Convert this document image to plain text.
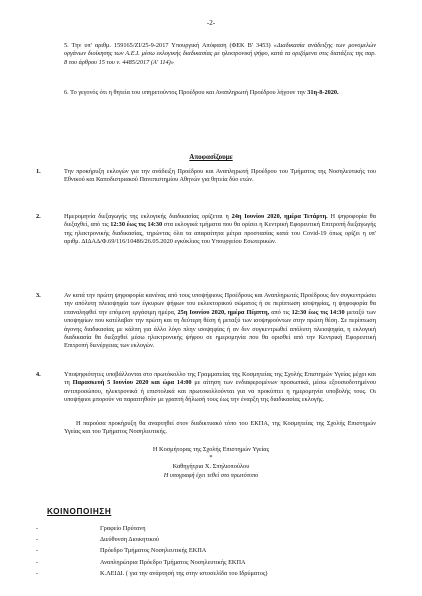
-2-
5. Την υπ' αριθμ. 159165/ΖΙ/25-9-2017 Υπουργική Απόφαση (ΦΕΚ Β' 3453) «Διαδικασία ανάδειξης των μονομελών οργάνων διοίκησης των Α.Ε.Ι. μέσω εκλογικής διαδικασίας με ηλεκτρονική ψήφο, κατά τα οριζόμενα στις διατάξεις της παρ. 8 του άρθρου 15 του ν. 4485/2017 (Α' 114)»
6. Το γεγονός ότι η θητεία του υπηρετούντος Προέδρου και Αναπληρωτή Προέδρου λήγουν την 31η-8-2020.
Αποφασίζουμε
1.	Την προκήρυξη εκλογών για την ανάδειξη Προέδρου και Αναπληρωτή Προέδρου του Τμήματος της Νοσηλευτικής του Εθνικού και Καποδιστριακού Πανεπιστημίου Αθηνών για θητεία δύο ετών.
2.	Ημερομηνία διεξαγωγής της εκλογικής διαδικασίας ορίζεται η 24η Ιουνίου 2020, ημέρα Τετάρτη. Η ψηφοφορία θα διεξαχθεί, από τις 12:30 έως τις 14:30 στα εκλογικά τμήματα που θα ορίσει η Κεντρική Εφορευτική Επιτροπή διεξαγωγής της ηλεκτρονικής διαδικασίας, τηρώντας όλα τα απαραίτητα μέτρα προστασίας κατά του Covid-19 όπως ορίζει η υπ' αριθμ. ΔΙΔΑΔ/Φ.69/116/10486/26.05.2020 εγκύκλιος του Υπουργείου Εσωτερικών.
3.	Αν κατά την πρώτη ψηφοφορία κανένας από τους υποψήφιους Προέδρους και Αναπληρωτές Προέδρους δεν συγκεντρώσει την απόλυτη πλειοψηφία των έγκυρων ψήφων του εκλεκτορικού σώματος ή σε περίπτωση ισοψηφίας, η ψηφοφορία θα επαναληφθεί την επόμενη εργάσιμη ημέρα, 25η Ιουνίου 2020, ημέρα Πέμπτη, από τις 12:30 έως τις 14:30 μεταξύ των υποψηφίων που κατέλαβαν την πρώτη και τη δεύτερη θέση ή μεταξύ των ισοψηφούντων στην πρώτη θέση. Σε περίπτωση άγονης διαδικασίας με κάλπη για άλλο λόγο πλην ισοψηφίας ή αν δεν συγκεντρωθεί απόλυτη πλειοψηφία, η εκλογική διαδικασία θα διεξαχθεί μέσω ηλεκτρονικής ψήφου σε ημερομηνία που θα ορισθεί από την Κεντρική Εφορευτική Επιτροπή διενέργειας των εκλογών.
4.	Υποψηφιότητες υποβάλλονται στο πρωτόκολλο της Γραμματείας της Κοσμητείας της Σχολής Επιστημών Υγείας μέχρι και τη Παρασκευή 5 Ιουνίου 2020 και ώρα 14:00 με αίτηση των ενδιαφερομένων προσωπικά, μέσω εξουσιοδοτημένου αντιπροσώπου, ηλεκτρονικά ή επιστολικά και πρωτοκολλούνται για να προκύπτει η ημερομηνία υποβολής τους. Οι υποψήφιοι μπορούν να παραιτηθούν με γραπτή δήλωσή τους έως την έναρξη της διαδικασίας εκλογής.
Η παρούσα προκήρυξη θα αναρτηθεί στον διαδικτυακό τόπο του ΕΚΠΑ, της Κοσμητείας της Σχολής Επιστημών Υγείας και του Τμήματος Νοσηλευτικής.
Η Κοσμήτορας της Σχολής Επιστημών Υγείας
*
Καθηγήτρια Χ. Σπηλιοπούλου
Η υπογραφή έχει τεθεί στο πρωτότυπο
ΚΟΙΝΟΠΟΙΗΣΗ
-	Γραφείο Πρύτανη
-	Διεύθυνση Διοικητικού
-	Πρόεδρο Τμήματος Νοσηλευτικής ΕΚΠΑ
-	Αναπληρώτρια Πρόεδρο Τμήματος Νοσηλευτικής ΕΚΠΑ
-	Κ.ΛΕΙΔΙ. ( για την ανάρτησή της στην ιστοσελίδα του Ιδρύματος)
